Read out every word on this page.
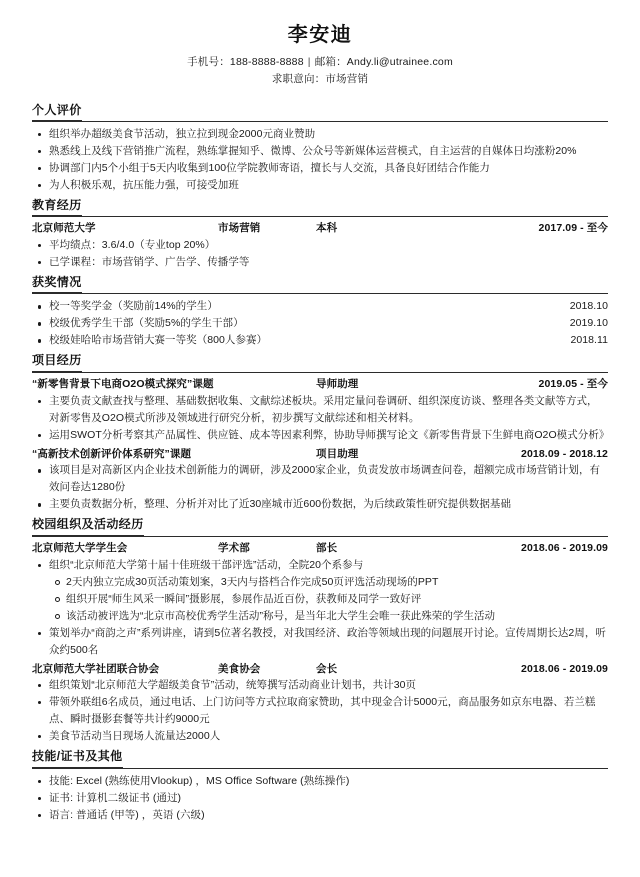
李安迪
手机号：188-8888-8888 | 邮箱：Andy.li@utrainee.com
求职意向：市场营销
个人评价
组织举办超级美食节活动，独立拉到现金2000元商业赞助
熟悉线上及线下营销推广流程，熟练掌握知乎、微博、公众号等新媒体运营模式，自主运营的自媒体日均涨粉20%
协调部门内5个小组于5天内收集到100位学院教师寄语，擅长与人交流，具备良好团结合作能力
为人积极乐观，抗压能力强，可接受加班
教育经历
北京师范大学	市场营销	本科	2017.09 - 至今
平均绩点：3.6/4.0（专业top 20%）
已学课程：市场营销学、广告学、传播学等
获奖情况
校一等奖学金（奖励前14%的学生）	2018.10
校级优秀学生干部（奖励5%的学生干部）	2019.10
校级娃哈哈市场营销大赛一等奖（800人参赛）	2018.11
项目经历
“新零售背景下电商O2O模式探究”课题	导师助理	2019.05 - 至今
主要负责文献查找与整理、基础数据收集、文献综述板块。采用定量问卷调研、组织深度访谈、整理各类文献等方式，对新零售及O2O模式所涉及领域进行研究分析，初步撰写文献综述和相关材料。
运用SWOT分析考察其产品属性、供应链、成本等因素利弊，协助导师撰写论文《新零售背景下生鲜电商O2O模式分析》
“高新技术创新评价体系研究”课题	项目助理	2018.09 - 2018.12
该项目是对高新区内企业技术创新能力的调研，涉及2000家企业，负责发放市场调查问卷，超额完成市场营销计划，有效问卷达1280份
主要负责数据分析，整理、分析并对比了近30座城市近600份数据，为后续政策性研究提供数据基础
校园组织及活动经历
北京师范大学学生会	学术部	部长	2018.06 - 2019.09
组织“北京师范大学第十届十佳班级干部评选”活动，全院20个系参与
2天内独立完成30页活动策划案，3天内与搭档合作完成50页评选活动现场的PPT
组织开展“师生风采一瞬间”摄影展，参展作品近百份，获教师及同学一致好评
该活动被评选为“北京市高校优秀学生活动”称号，是当年北大学生会唯一获此殊荣的学生活动
策划举办“商韵之声”系列讲座，请到5位著名教授，对我国经济、政治等领域出现的问题展开讨论。宣传周期长达2周，听众约500名
北京师范大学社团联合协会	美食协会	会长	2018.06 - 2019.09
组织策划“北京师范大学超级美食节”活动，统筹撰写活动商业计划书，共计30页
带领外联组6名成员，通过电话、上门访问等方式拉取商家赞助，其中现金合计5000元，商品服务如京东电器、若兰糕点、瞬时摄影套餐等共计约9000元
美食节活动当日现场人流量达2000人
技能/证书及其他
技能: Excel (熟练使用Vlookup) ，MS Office Software (熟练操作)
证书: 计算机二级证书 (通过)
语言: 普通话 (甲等) ，英语 (六级)
